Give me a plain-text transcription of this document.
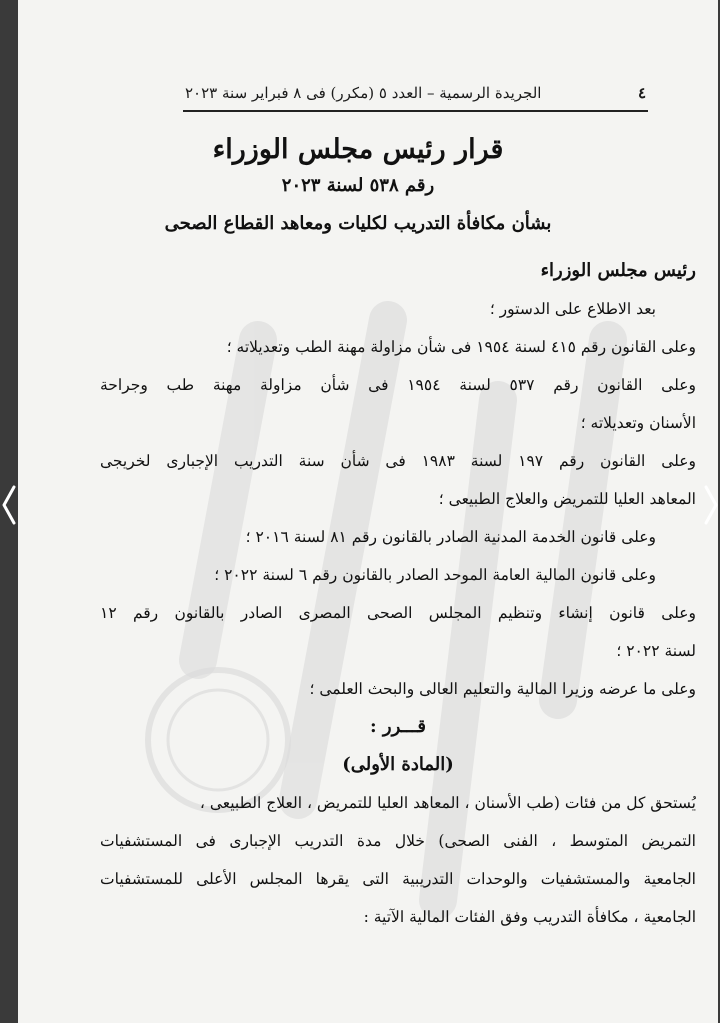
٤
الجريدة الرسمية – العدد ٥ (مكرر) فى ٨ فبراير سنة ٢٠٢٣
قرار رئيس مجلس الوزراء
رقم ٥٣٨ لسنة ٢٠٢٣
بشأن مكافأة التدريب لكليات ومعاهد القطاع الصحى
رئيس مجلس الوزراء
بعد الاطلاع على الدستور ؛
وعلى القانون رقم ٤١٥ لسنة ١٩٥٤ فى شأن مزاولة مهنة الطب وتعديلاته ؛
وعلى القانون رقم ٥٣٧ لسنة ١٩٥٤ فى شأن مزاولة مهنة طب وجراحة
الأسنان وتعديلاته ؛
وعلى القانون رقم ١٩٧ لسنة ١٩٨٣ فى شأن سنة التدريب الإجبارى لخريجى
المعاهد العليا للتمريض والعلاج الطبيعى ؛
وعلى قانون الخدمة المدنية الصادر بالقانون رقم ٨١ لسنة ٢٠١٦ ؛
وعلى قانون المالية العامة الموحد الصادر بالقانون رقم ٦ لسنة ٢٠٢٢ ؛
وعلى قانون إنشاء وتنظيم المجلس الصحى المصرى الصادر بالقانون رقم ١٢
لسنة ٢٠٢٢ ؛
وعلى ما عرضه وزيرا المالية والتعليم العالى والبحث العلمى ؛
قـــرر :
(المادة الأولى)
يُستحق كل من فئات (طب الأسنان ، المعاهد العليا للتمريض ، العلاج الطبيعى ،
التمريض المتوسط ، الفنى الصحى) خلال مدة التدريب الإجبارى فى المستشفيات
الجامعية والمستشفيات والوحدات التدريبية التى يقرها المجلس الأعلى للمستشفيات
الجامعية ، مكافأة التدريب وفق الفئات المالية الآتية :
